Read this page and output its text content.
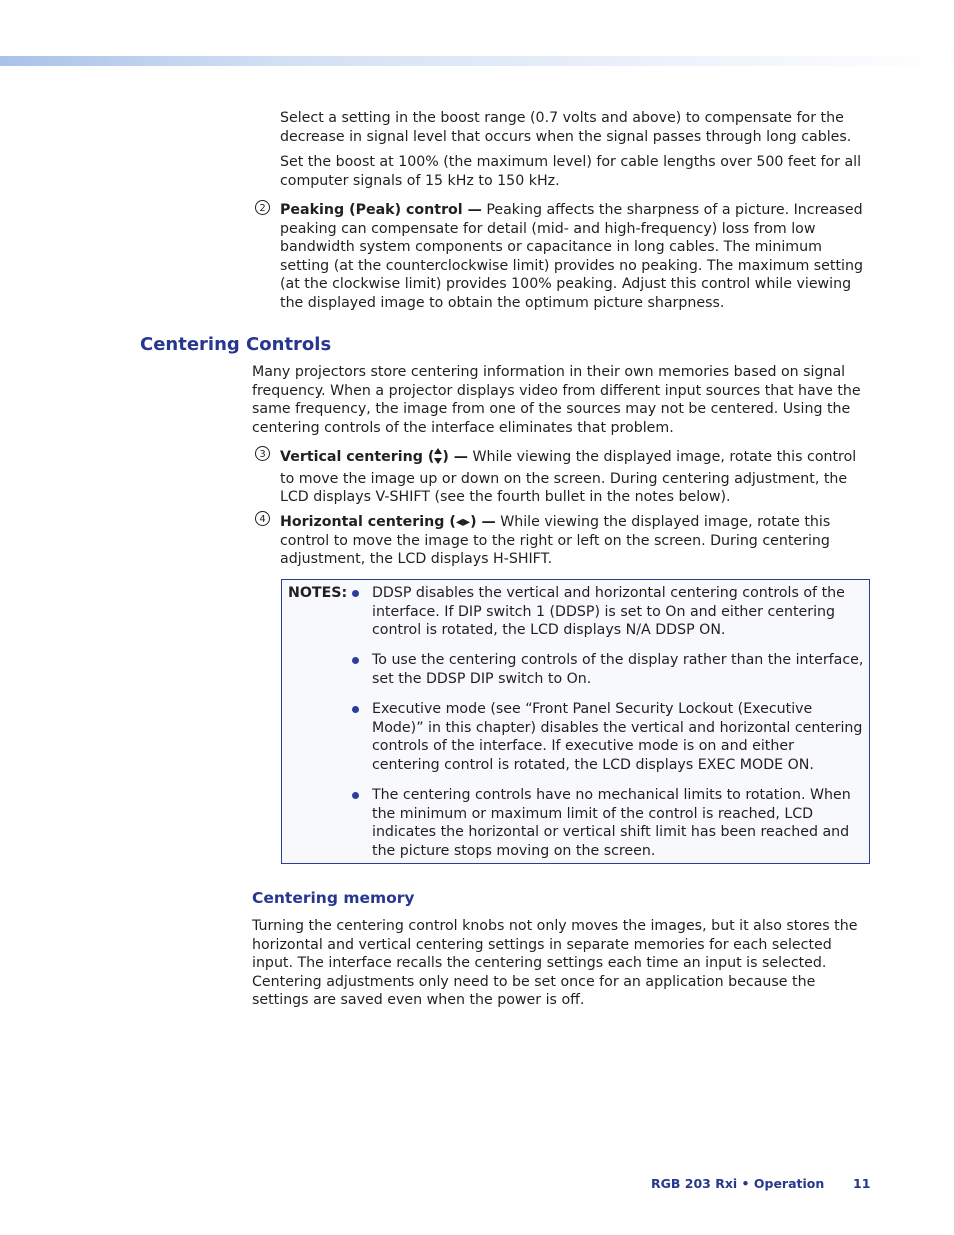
Select a setting in the boost range (0.7 volts and above) to compensate for the decrease in signal level that occurs when the signal passes through long cables.

Set the boost at 100% (the maximum level) for cable lengths over 500 feet for all computer signals of 15 kHz to 150 kHz.

2	Peaking (Peak) control — Peaking affects the sharpness of a picture. Increased peaking can compensate for detail (mid- and high-frequency) loss from low bandwidth system components or capacitance in long cables. The minimum setting (at the counterclockwise limit) provides no peaking. The maximum setting (at the clockwise limit) provides 100% peaking. Adjust this control while viewing the displayed image to obtain the optimum picture sharpness.

Centering Controls
Many projectors store centering information in their own memories based on signal frequency. When a projector displays video from different input sources that have the same frequency, the image from one of the sources may not be centered. Using the centering controls of the interface eliminates that problem.
3	Vertical centering ( ) — While viewing the displayed image, rotate this control to move the image up or down on the screen. During centering adjustment, the LCD displays V-SHIFT (see the fourth bullet in the notes below).

4	Horizontal centering (◂▸) — While viewing the displayed image, rotate this control to move the image to the right or left on the screen. During centering adjustment, the LCD displays H-SHIFT.

NOTES: DDSP disables the vertical and horizontal centering controls of the interface. If DIP switch 1 (DDSP) is set to On and either centering control is rotated, the LCD displays N/A DDSP ON.
To use the centering controls of the display rather than the interface, set the DDSP DIP switch to On.
Executive mode (see “Front Panel Security Lockout (Executive Mode)” in this chapter) disables the vertical and horizontal centering controls of the interface. If executive mode is on and either centering control is rotated, the LCD displays EXEC MODE ON.
The centering controls have no mechanical limits to rotation. When the minimum or maximum limit of the control is reached, LCD indicates the horizontal or vertical shift limit has been reached and the picture stops moving on the screen.
Centering memory
Turning the centering control knobs not only moves the images, but it also stores the horizontal and vertical centering settings in separate memories for each selected input. The interface recalls the centering settings each time an input is selected. Centering adjustments only need to be set once for an application because the settings are saved even when the power is off.
RGB 203 Rxi • Operation 11
